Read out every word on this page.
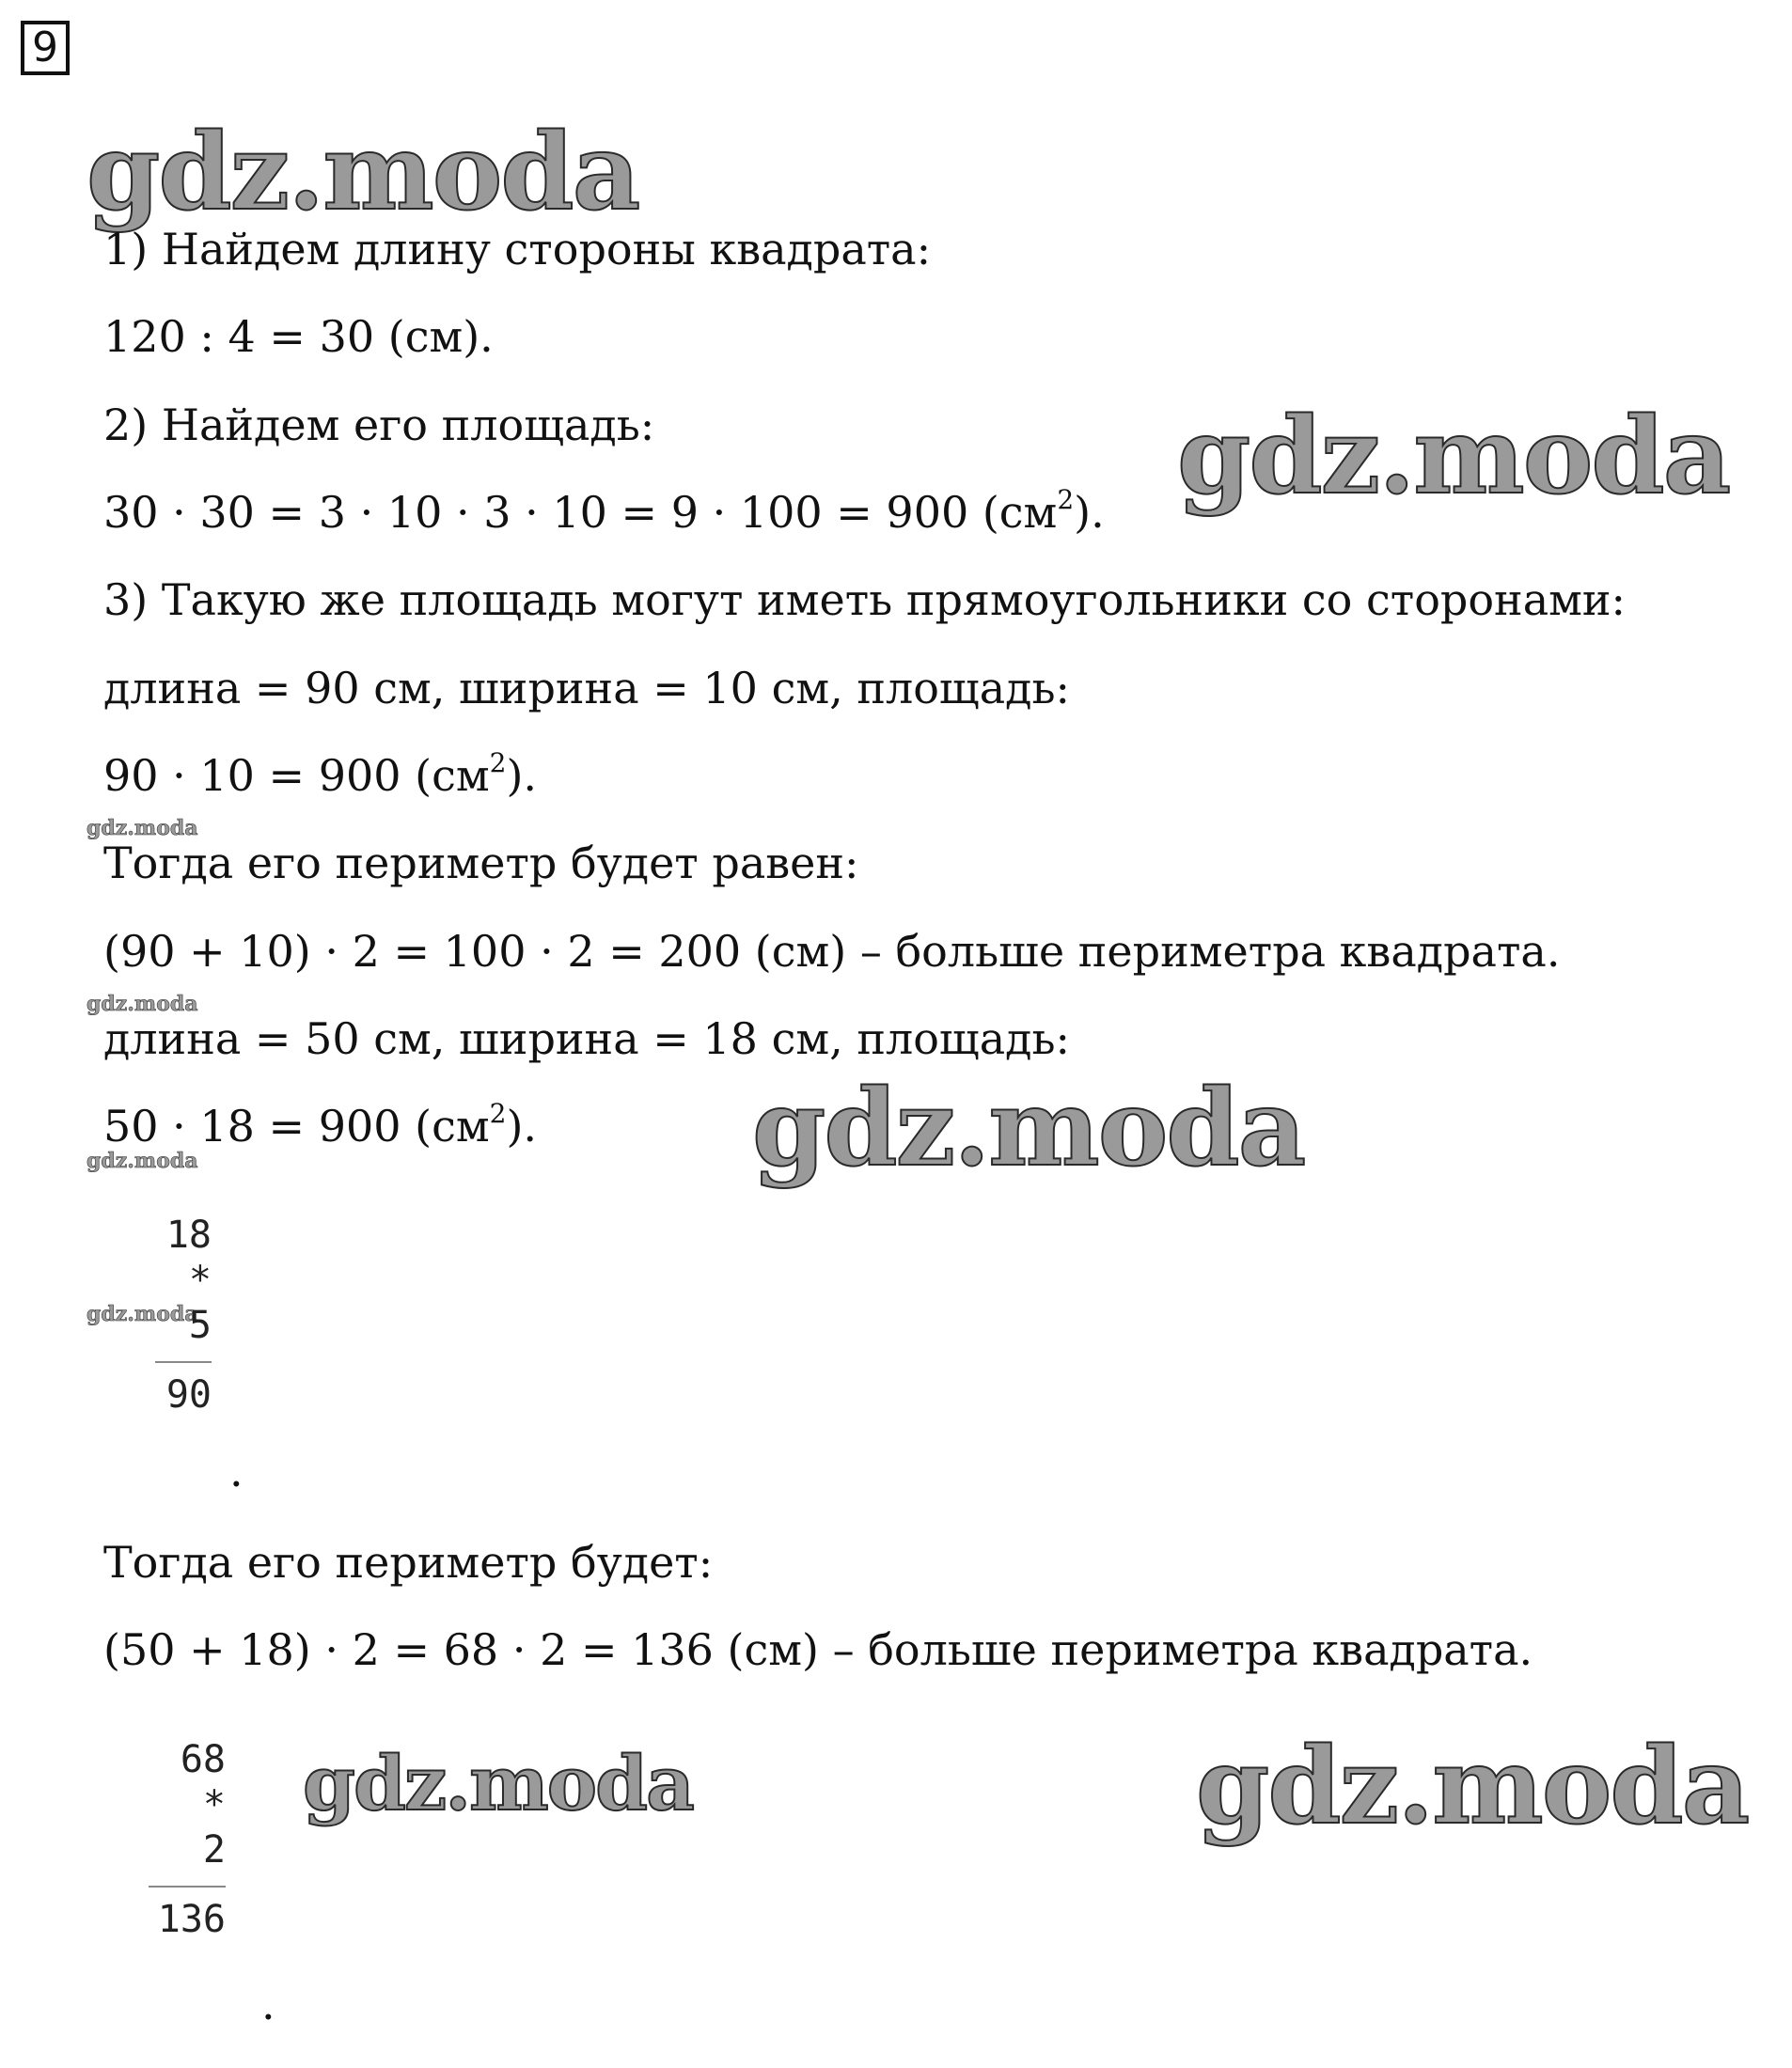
9
gdz.moda
gdz.moda
gdz.moda
gdz.moda
gdz.moda
gdz.moda
gdz.moda
gdz.moda
gdz.moda
1) Найдем длину стороны квадрата:
120 : 4 = 30 (см).
2) Найдем его площадь:
30 · 30 = 3 · 10 · 3 · 10 = 9 · 100 = 900 $(см^2)$.
3) Такую же площадь могут иметь прямоугольники со сторонами:
длина = 90 см, ширина = 10 см, площадь:
90 · 10 = 900 $(см^2)$.
Тогда его периметр будет равен:
(90 + 10) · 2 = 100 · 2 = 200 (см) – больше периметра квадрата.
длина = 50 см, ширина = 18 см, площадь:
50 · 18 = 900 $(см^2)$.
18
*
5
90
.
Тогда его периметр будет:
(50 + 18) · 2 = 68 · 2 = 136 (см) – больше периметра квадрата.
68
*
2
136
.
